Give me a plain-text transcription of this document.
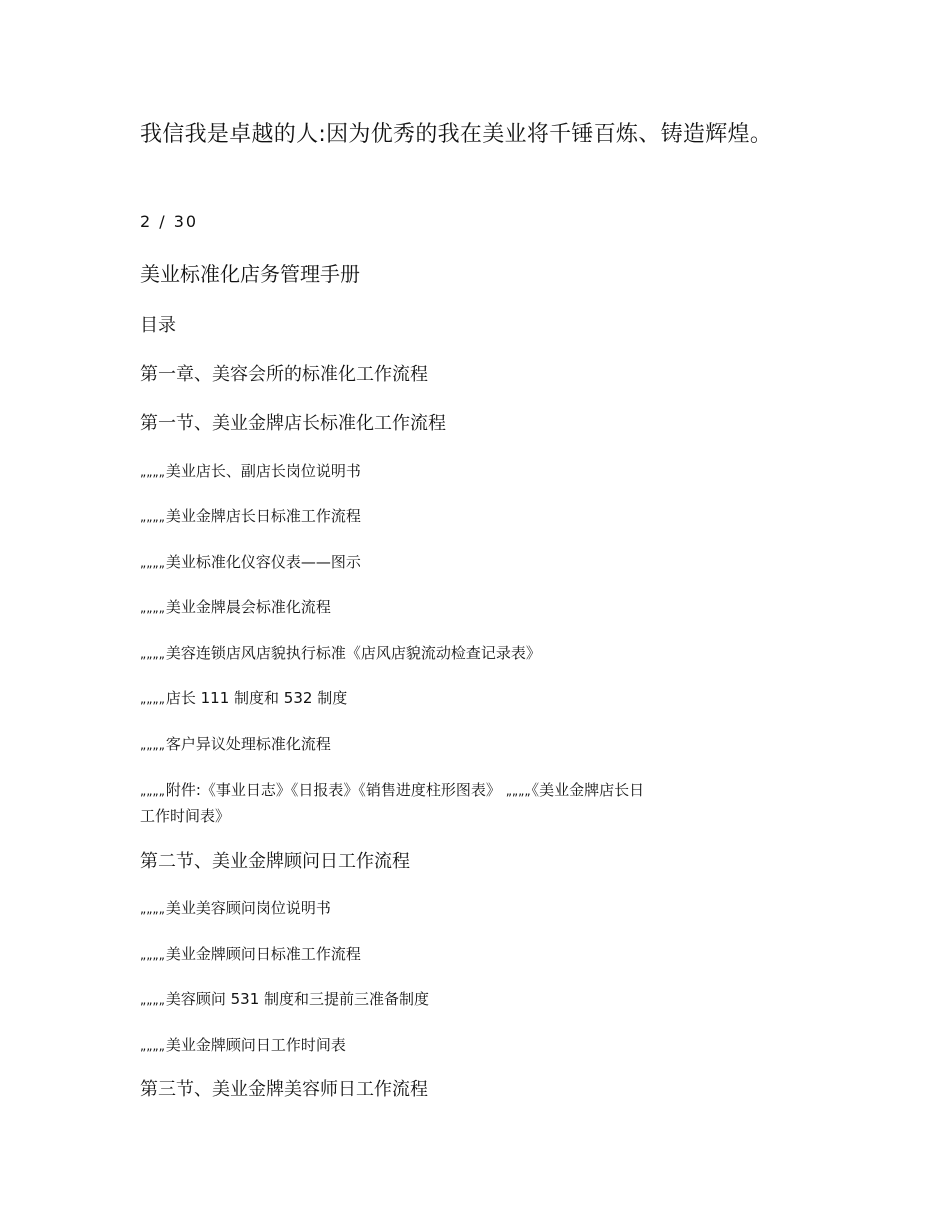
我信我是卓越的人:因为优秀的我在美业将千锤百炼、铸造辉煌。
2 / 30
美业标准化店务管理手册
目录
第一章、美容会所的标准化工作流程
第一节、美业金牌店长标准化工作流程
„„„„美业店长、副店长岗位说明书
„„„„美业金牌店长日标准工作流程
„„„„美业标准化仪容仪表——图示
„„„„美业金牌晨会标准化流程
„„„„美容连锁店风店貌执行标准《店风店貌流动检查记录表》
„„„„店长 111 制度和 532 制度
„„„„客户异议处理标准化流程
„„„„附件:《事业日志》《日报表》《销售进度柱形图表》 „„„„《美业金牌店长日
工作时间表》
第二节、美业金牌顾问日工作流程
„„„„美业美容顾问岗位说明书
„„„„美业金牌顾问日标准工作流程
„„„„美容顾问 531 制度和三提前三准备制度
„„„„美业金牌顾问日工作时间表
第三节、美业金牌美容师日工作流程
